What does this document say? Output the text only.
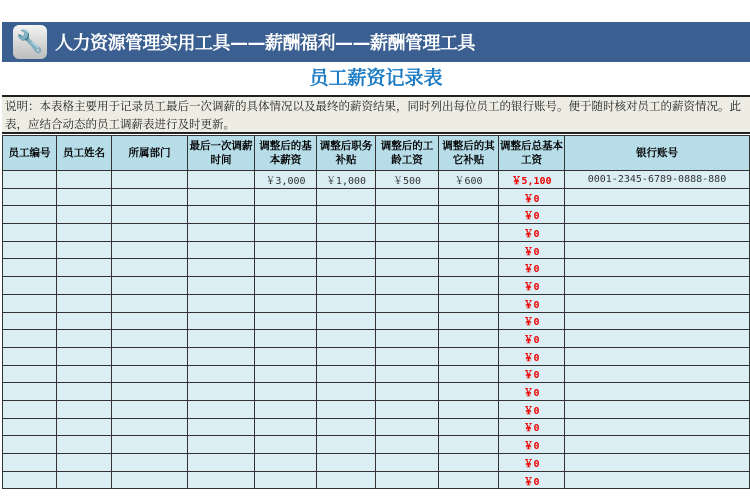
🔧 人力资源管理实用工具——薪酬福利——薪酬管理工具
员工薪资记录表
说明：本表格主要用于记录员工最后一次调薪的具体情况以及最终的薪资结果，同时列出每位员工的银行账号。便于随时核对员工的薪资情况。此表，应结合动态的员工调薪表进行及时更新。
员工编号	员工姓名	所属部门	最后一次调薪时间	调整后的基本薪资	调整后职务补贴	调整后的工龄工资	调整后的其它补贴	调整后总基本工资	银行账号
				￥3,000	￥1,000	￥500	￥600	￥5,100	0001-2345-6789-0888-880
								￥0	
								￥0	
								￥0	
								￥0	
								￥0	
								￥0	
								￥0	
								￥0	
								￥0	
								￥0	
								￥0	
								￥0	
								￥0	
								￥0	
								￥0	
								￥0	
								￥0	
